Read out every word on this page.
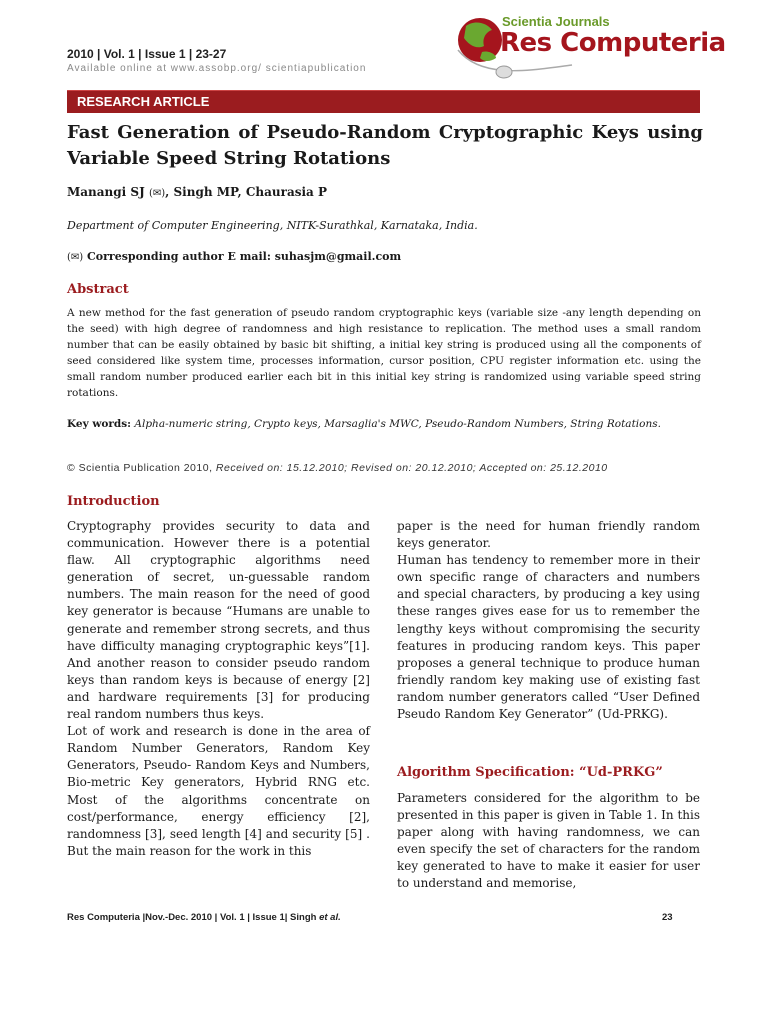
2010 | Vol. 1 | Issue 1 | 23-27
Available online at www.assobp.org/ scientiapublication
Scientia Journals
Res Computeria
RESEARCH ARTICLE
Fast Generation of Pseudo-Random Cryptographic Keys using Variable Speed String Rotations
Manangi SJ (✉), Singh MP, Chaurasia P
Department of Computer Engineering, NITK-Surathkal, Karnataka, India.
(✉) Corresponding author E mail: suhasjm@gmail.com
Abstract
A new method for the fast generation of pseudo random cryptographic keys (variable size -any length depending on the seed) with high degree of randomness and high resistance to replication. The method uses a small random number that can be easily obtained by basic bit shifting, a initial key string is produced using all the components of seed considered like system time, processes information, cursor position, CPU register information etc. using the small random number produced earlier each bit in this initial key string is randomized using variable speed string rotations.
Key words: Alpha-numeric string, Crypto keys, Marsaglia's MWC, Pseudo-Random Numbers, String Rotations.
© Scientia Publication 2010, Received on: 15.12.2010; Revised on: 20.12.2010; Accepted on: 25.12.2010
Introduction

Cryptography provides security to data and communication. However there is a potential flaw. All cryptographic algorithms need generation of secret, un-guessable random numbers. The main reason for the need of good key generator is because “Humans are unable to generate and remember strong secrets, and thus have difficulty managing cryptographic keys”[1]. And another reason to consider pseudo random keys than random keys is because of energy [2] and hardware requirements [3] for producing real random numbers thus keys.

Lot of work and research is done in the area of Random Number Generators, Random Key Generators, Pseudo- Random Keys and Numbers, Bio-metric Key generators, Hybrid RNG etc. Most of the algorithms concentrate on cost/performance, energy efficiency [2], randomness [3], seed length [4] and security [5] . But the main reason for the work in this

paper is the need for human friendly random keys generator.

Human has tendency to remember more in their own specific range of characters and numbers and special characters, by producing a key using these ranges gives ease for us to remember the lengthy keys without compromising the security features in producing random keys. This paper proposes a general technique to produce human friendly random key making use of existing fast random number generators called “User Defined Pseudo Random Key Generator” (Ud-PRKG).

Algorithm Specification: “Ud-PRKG”

Parameters considered for the algorithm to be presented in this paper is given in Table 1. In this paper along with having randomness, we can even specify the set of characters for the random key generated to have to make it easier for user to understand and memorise,

Res Computeria |Nov.-Dec. 2010 | Vol. 1 | Issue 1| Singh et al.	23
